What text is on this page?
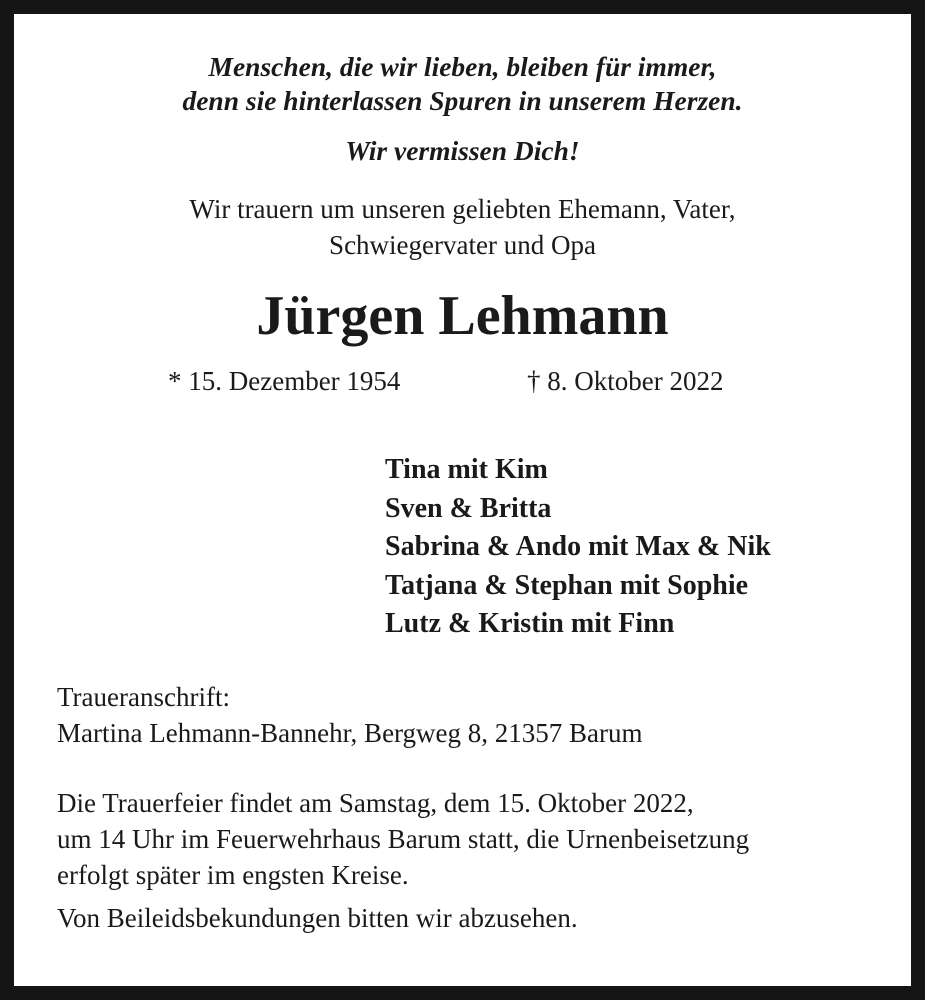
Menschen, die wir lieben, bleiben für immer,
denn sie hinterlassen Spuren in unserem Herzen.
Wir vermissen Dich!
Wir trauern um unseren geliebten Ehemann, Vater,
Schwiegervater und Opa
Jürgen Lehmann
* 15. Dezember 1954	† 8. Oktober 2022
Tina mit Kim
Sven & Britta
Sabrina & Ando mit Max & Nik
Tatjana & Stephan mit Sophie
Lutz & Kristin mit Finn
Traueranschrift:
Martina Lehmann-Bannehr, Bergweg 8, 21357 Barum
Die Trauerfeier findet am Samstag, dem 15. Oktober 2022,
um 14 Uhr im Feuerwehrhaus Barum statt, die Urnenbeisetzung
erfolgt später im engsten Kreise.
Von Beileidsbekundungen bitten wir abzusehen.
